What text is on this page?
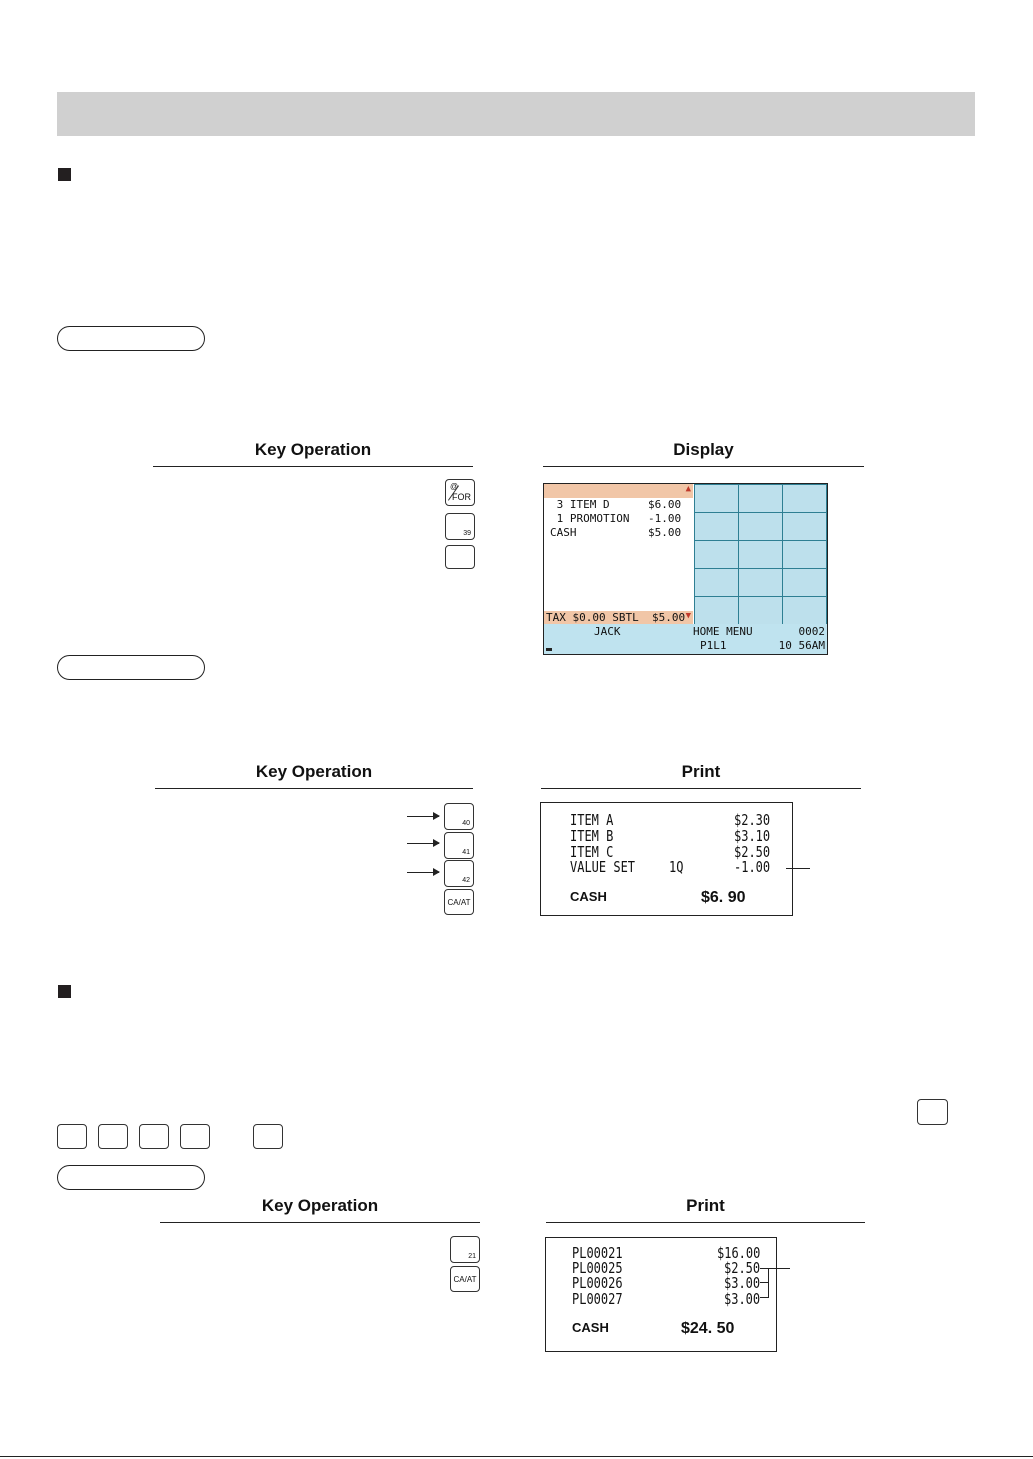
Key Operation	Display
@
FOR
39
▲
3 ITEM D	$6.00
1 PROMOTION -1.00
CASH	$5.00
TAX $0.00 SBTL  $5.00 ▼
JACK	HOME MENU	0002
P1L1	10 56AM
Key Operation	Print
40
41
42
CA/AT
ITEM A	$2.30
ITEM B	$3.10
ITEM C	$2.50
VALUE SET	1Q	-1.00
CASH	$6. 90
Key Operation	Print
21
CA/AT
PL00021	$16.00
PL00025	$2.50
PL00026	$3.00
PL00027	$3.00
CASH	$24. 50
